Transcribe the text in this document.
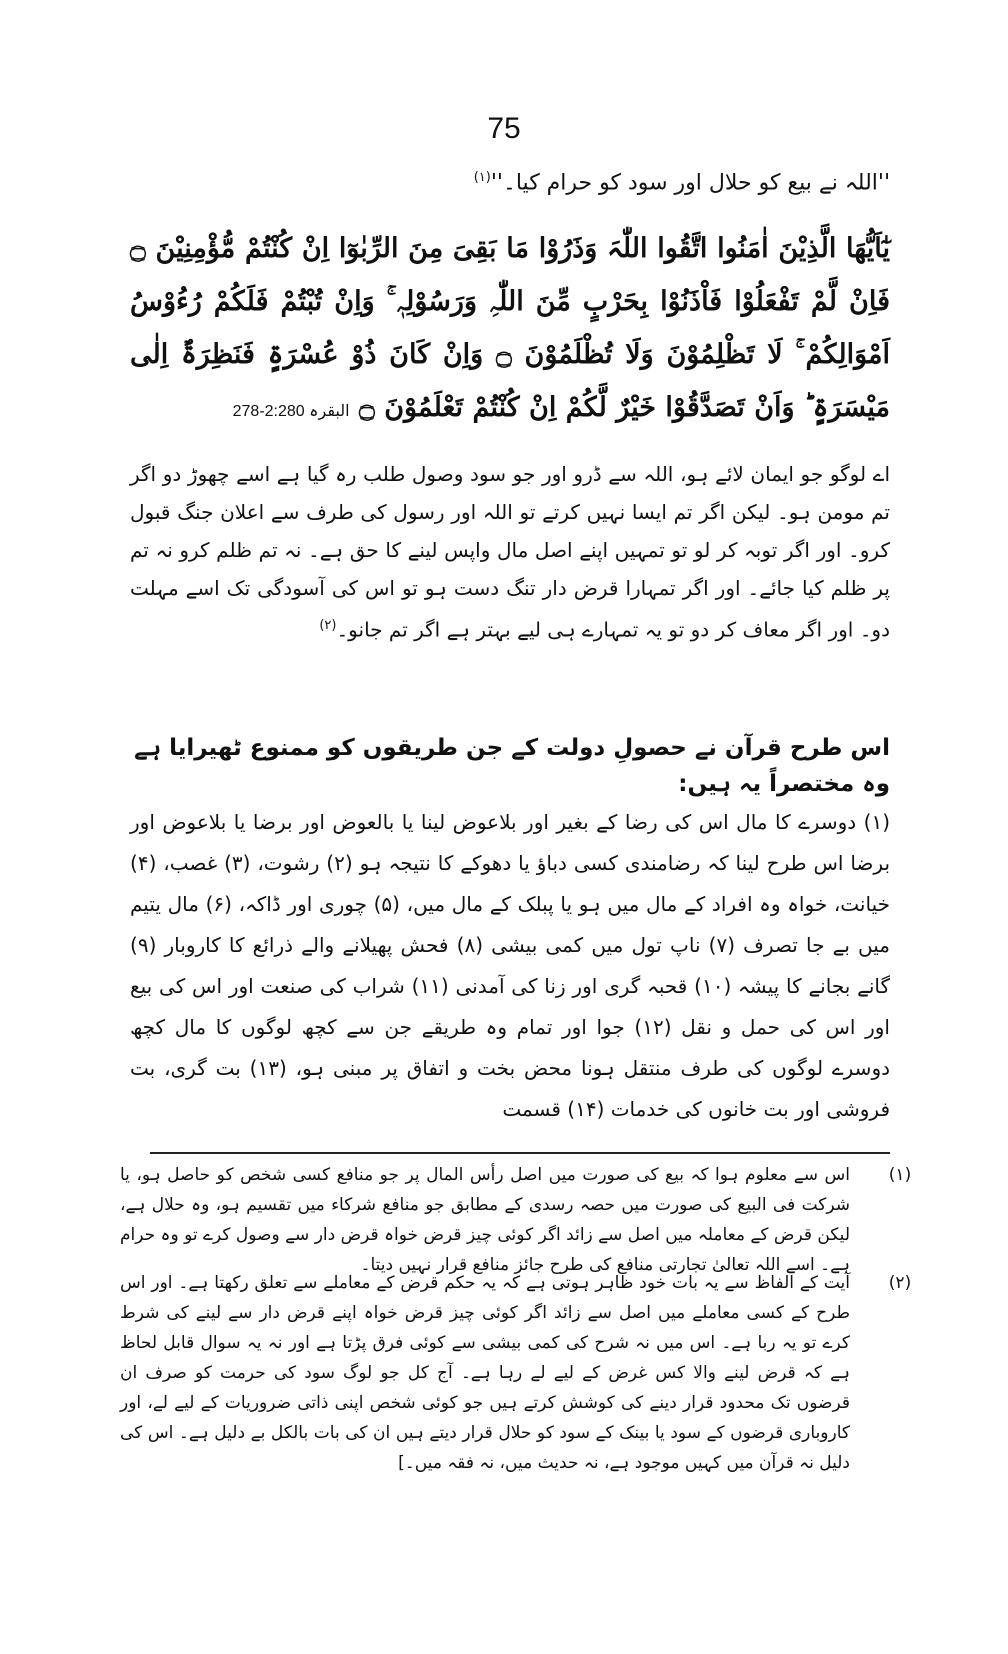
75
''اللہ نے بیع کو حلال اور سود کو حرام $کیا۔''^{(۱)}$
یٰٓاَیُّھَا الَّذِیْنَ اٰمَنُوا اتَّقُوا اللّٰہَ وَذَرُوْا مَا بَقِیَ مِنَ الرِّبٰوٓا اِنْ کُنْتُمْ مُّؤْمِنِیْنَ ۝ فَاِنْ لَّمْ تَفْعَلُوْا فَاْذَنُوْا بِحَرْبٍ مِّنَ اللّٰہِ وَرَسُوْلِہٖ ۚ وَاِنْ تُبْتُمْ فَلَکُمْ رُءُوْسُ اَمْوَالِکُمْ ۚ لَا تَظْلِمُوْنَ وَلَا تُظْلَمُوْنَ ۝ وَاِنْ کَانَ ذُوْ عُسْرَۃٍ فَنَظِرَۃٌ اِلٰی مَیْسَرَۃٍ ؕ وَاَنْ تَصَدَّقُوْا خَیْرٌ لَّکُمْ اِنْ کُنْتُمْ تَعْلَمُوْنَ ۝ البقرہ 2:280-278
اے لوگو جو ایمان لائے ہو، اللہ سے ڈرو اور جو سود وصول طلب رہ گیا ہے اسے چھوڑ دو اگر تم مومن ہو۔ لیکن اگر تم ایسا نہیں کرتے تو اللہ اور رسول کی طرف سے اعلان جنگ قبول کرو۔ اور اگر توبہ کر لو تو تمہیں اپنے اصل مال واپس لینے کا حق ہے۔ نہ تم ظلم کرو نہ تم پر ظلم کیا جائے۔ اور اگر تمہارا قرض دار تنگ دست ہو تو اس کی آسودگی تک اسے مہلت دو۔ اور اگر معاف کر دو تو یہ تمہارے ہی لیے بہتر ہے اگر تم جانو۔$^{(۲)}$
اس طرح قرآن نے حصولِ دولت کے جن طریقوں کو ممنوع ٹھیرایا ہے وہ مختصراً یہ ہیں:
(۱) دوسرے کا مال اس کی رضا کے بغیر اور بلاعوض لینا یا بالعوض اور برضا یا بلاعوض اور برضا اس طرح لینا کہ رضامندی کسی دباؤ یا دھوکے کا نتیجہ ہو (۲) رشوت، (۳) غصب، (۴) خیانت، خواہ وہ افراد کے مال میں ہو یا پبلک کے مال میں، (۵) چوری اور ڈاکہ، (۶) مال یتیم میں بے جا تصرف (۷) ناپ تول میں کمی بیشی (۸) فحش پھیلانے والے ذرائع کا کاروبار (۹) گانے بجانے کا پیشہ (۱۰) قحبہ گری اور زنا کی آمدنی (۱۱) شراب کی صنعت اور اس کی بیع اور اس کی حمل و نقل (۱۲) جوا اور تمام وہ طریقے جن سے کچھ لوگوں کا مال کچھ دوسرے لوگوں کی طرف منتقل ہونا محض بخت و اتفاق پر مبنی ہو، (۱۳) بت گری، بت فروشی اور بت خانوں کی خدمات (۱۴) قسمت
(۱)
اس سے معلوم ہوا کہ بیع کی صورت میں اصل رأس المال پر جو منافع کسی شخص کو حاصل ہو، یا شرکت فی البیع کی صورت میں حصہ رسدی کے مطابق جو منافع شرکاء میں تقسیم ہو، وہ حلال ہے، لیکن قرض کے معاملہ میں اصل سے زائد اگر کوئی چیز قرض خواہ قرض دار سے وصول کرے تو وہ حرام ہے۔ اسے اللہ تعالیٰ تجارتی منافع کی طرح جائز منافع قرار نہیں دیتا۔
(۲)
آیت کے الفاظ سے یہ بات خود ظاہر ہوتی ہے کہ یہ حکم قرض کے معاملے سے تعلق رکھتا ہے۔ اور اس طرح کے کسی معاملے میں اصل سے زائد اگر کوئی چیز قرض خواہ اپنے قرض دار سے لینے کی شرط کرے تو یہ ربا ہے۔ اس میں نہ شرح کی کمی بیشی سے کوئی فرق پڑتا ہے اور نہ یہ سوال قابل لحاظ ہے کہ قرض لینے والا کس غرض کے لیے لے رہا ہے۔ آج کل جو لوگ سود کی حرمت کو صرف ان قرضوں تک محدود قرار دینے کی کوشش کرتے ہیں جو کوئی شخص اپنی ذاتی ضروریات کے لیے لے، اور کاروباری قرضوں کے سود یا بینک کے سود کو حلال قرار دیتے ہیں ان کی بات بالکل بے دلیل ہے۔ اس کی دلیل نہ قرآن میں کہیں موجود ہے، نہ حدیث میں، نہ فقہ میں۔]
